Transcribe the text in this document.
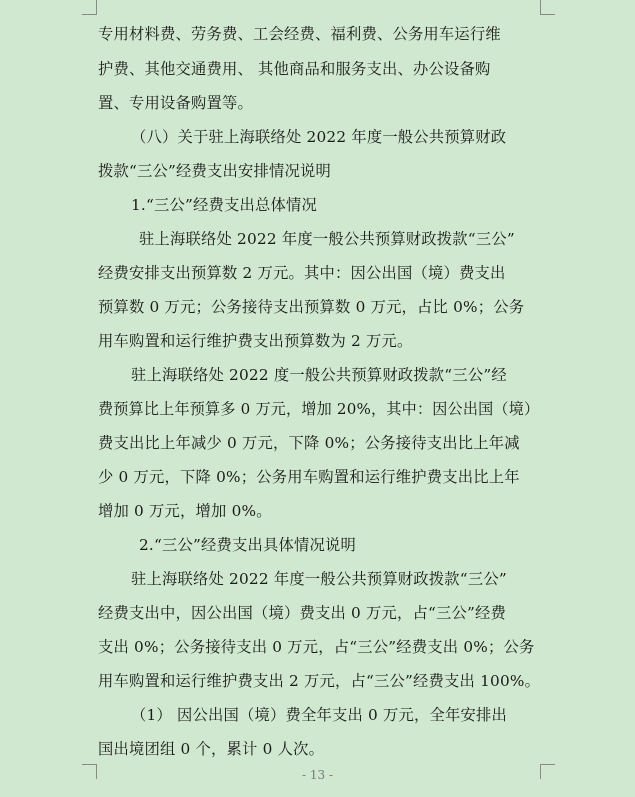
专用材料费、劳务费、工会经费、福利费、公务用车运行维
护费、其他交通费用、 其他商品和服务支出、办公设备购
置、专用设备购置等。
（八）关于驻上海联络处 2022 年度一般公共预算财政
拨款“三公”经费支出安排情况说明
1.“三公”经费支出总体情况
驻上海联络处 2022 年度一般公共预算财政拨款“三公”
经费安排支出预算数 2 万元。其中：因公出国（境）费支出
预算数 0 万元；公务接待支出预算数 0 万元，占比 0%；公务
用车购置和运行维护费支出预算数为 2 万元。
驻上海联络处 2022 度一般公共预算财政拨款“三公”经
费预算比上年预算多 0 万元，增加 20%，其中：因公出国（境）
费支出比上年减少 0 万元，下降 0%；公务接待支出比上年减
少 0 万元，下降 0%；公务用车购置和运行维护费支出比上年
增加 0 万元，增加 0%。
2.“三公”经费支出具体情况说明
驻上海联络处 2022 年度一般公共预算财政拨款“三公”
经费支出中，因公出国（境）费支出 0 万元，占“三公”经费
支出 0%；公务接待支出 0 万元，占“三公”经费支出 0%；公务
用车购置和运行维护费支出 2 万元，占“三公”经费支出 100%。
（1） 因公出国（境）费全年支出 0 万元，全年安排出
国出境团组 0 个，累计 0 人次。
- 13 -
